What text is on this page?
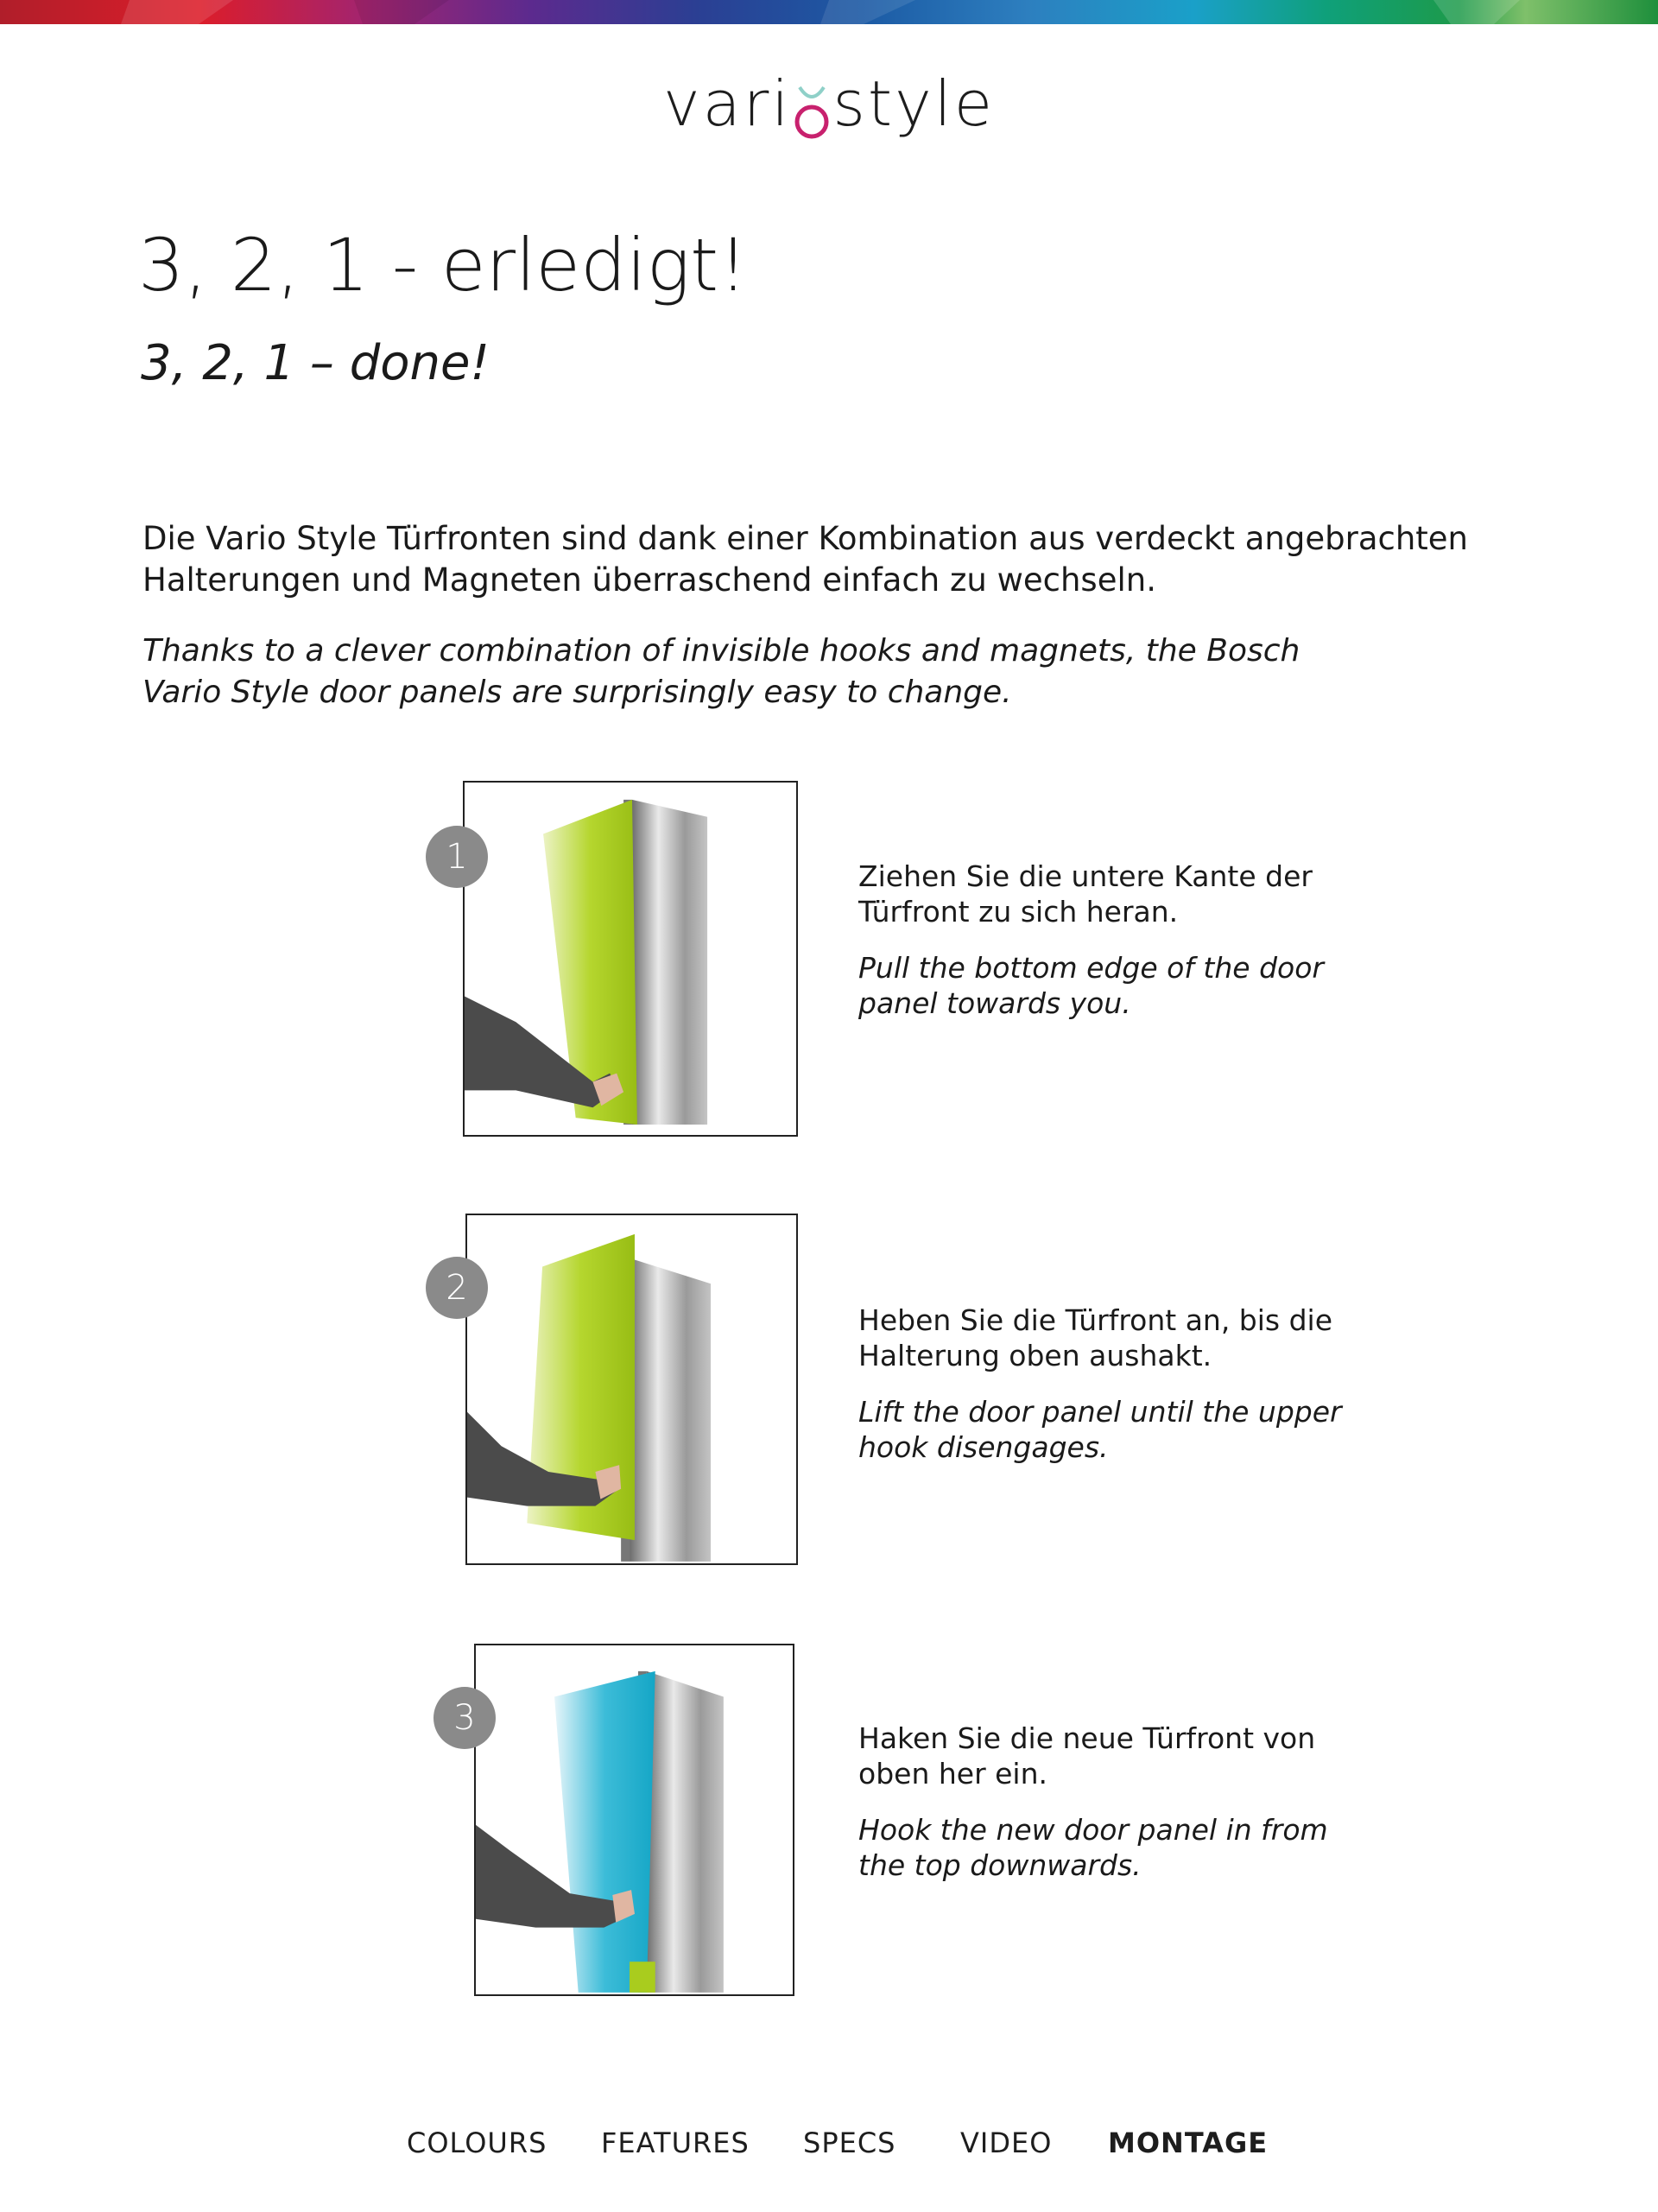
vari style
3, 2, 1 - erledigt!
3, 2, 1 – done!
Die Vario Style Türfronten sind dank einer Kombination aus verdeckt angebrachten Halterungen und Magneten überraschend einfach zu wechseln.
Thanks to a clever combination of invisible hooks and magnets, the Bosch Vario Style door panels are surprisingly easy to change.
1	Ziehen Sie die untere Kante der Türfront zu sich heran.

Pull the bottom edge of the door panel towards you.

2

Heben Sie die Türfront an, bis die Halterung oben aushakt.

Lift the door panel until the upper hook disengages.

3

Haken Sie die neue Türfront von oben her ein.

Hook the new door panel in from the top downwards.

COLOURS FEATURES SPECS VIDEO MONTAGE
